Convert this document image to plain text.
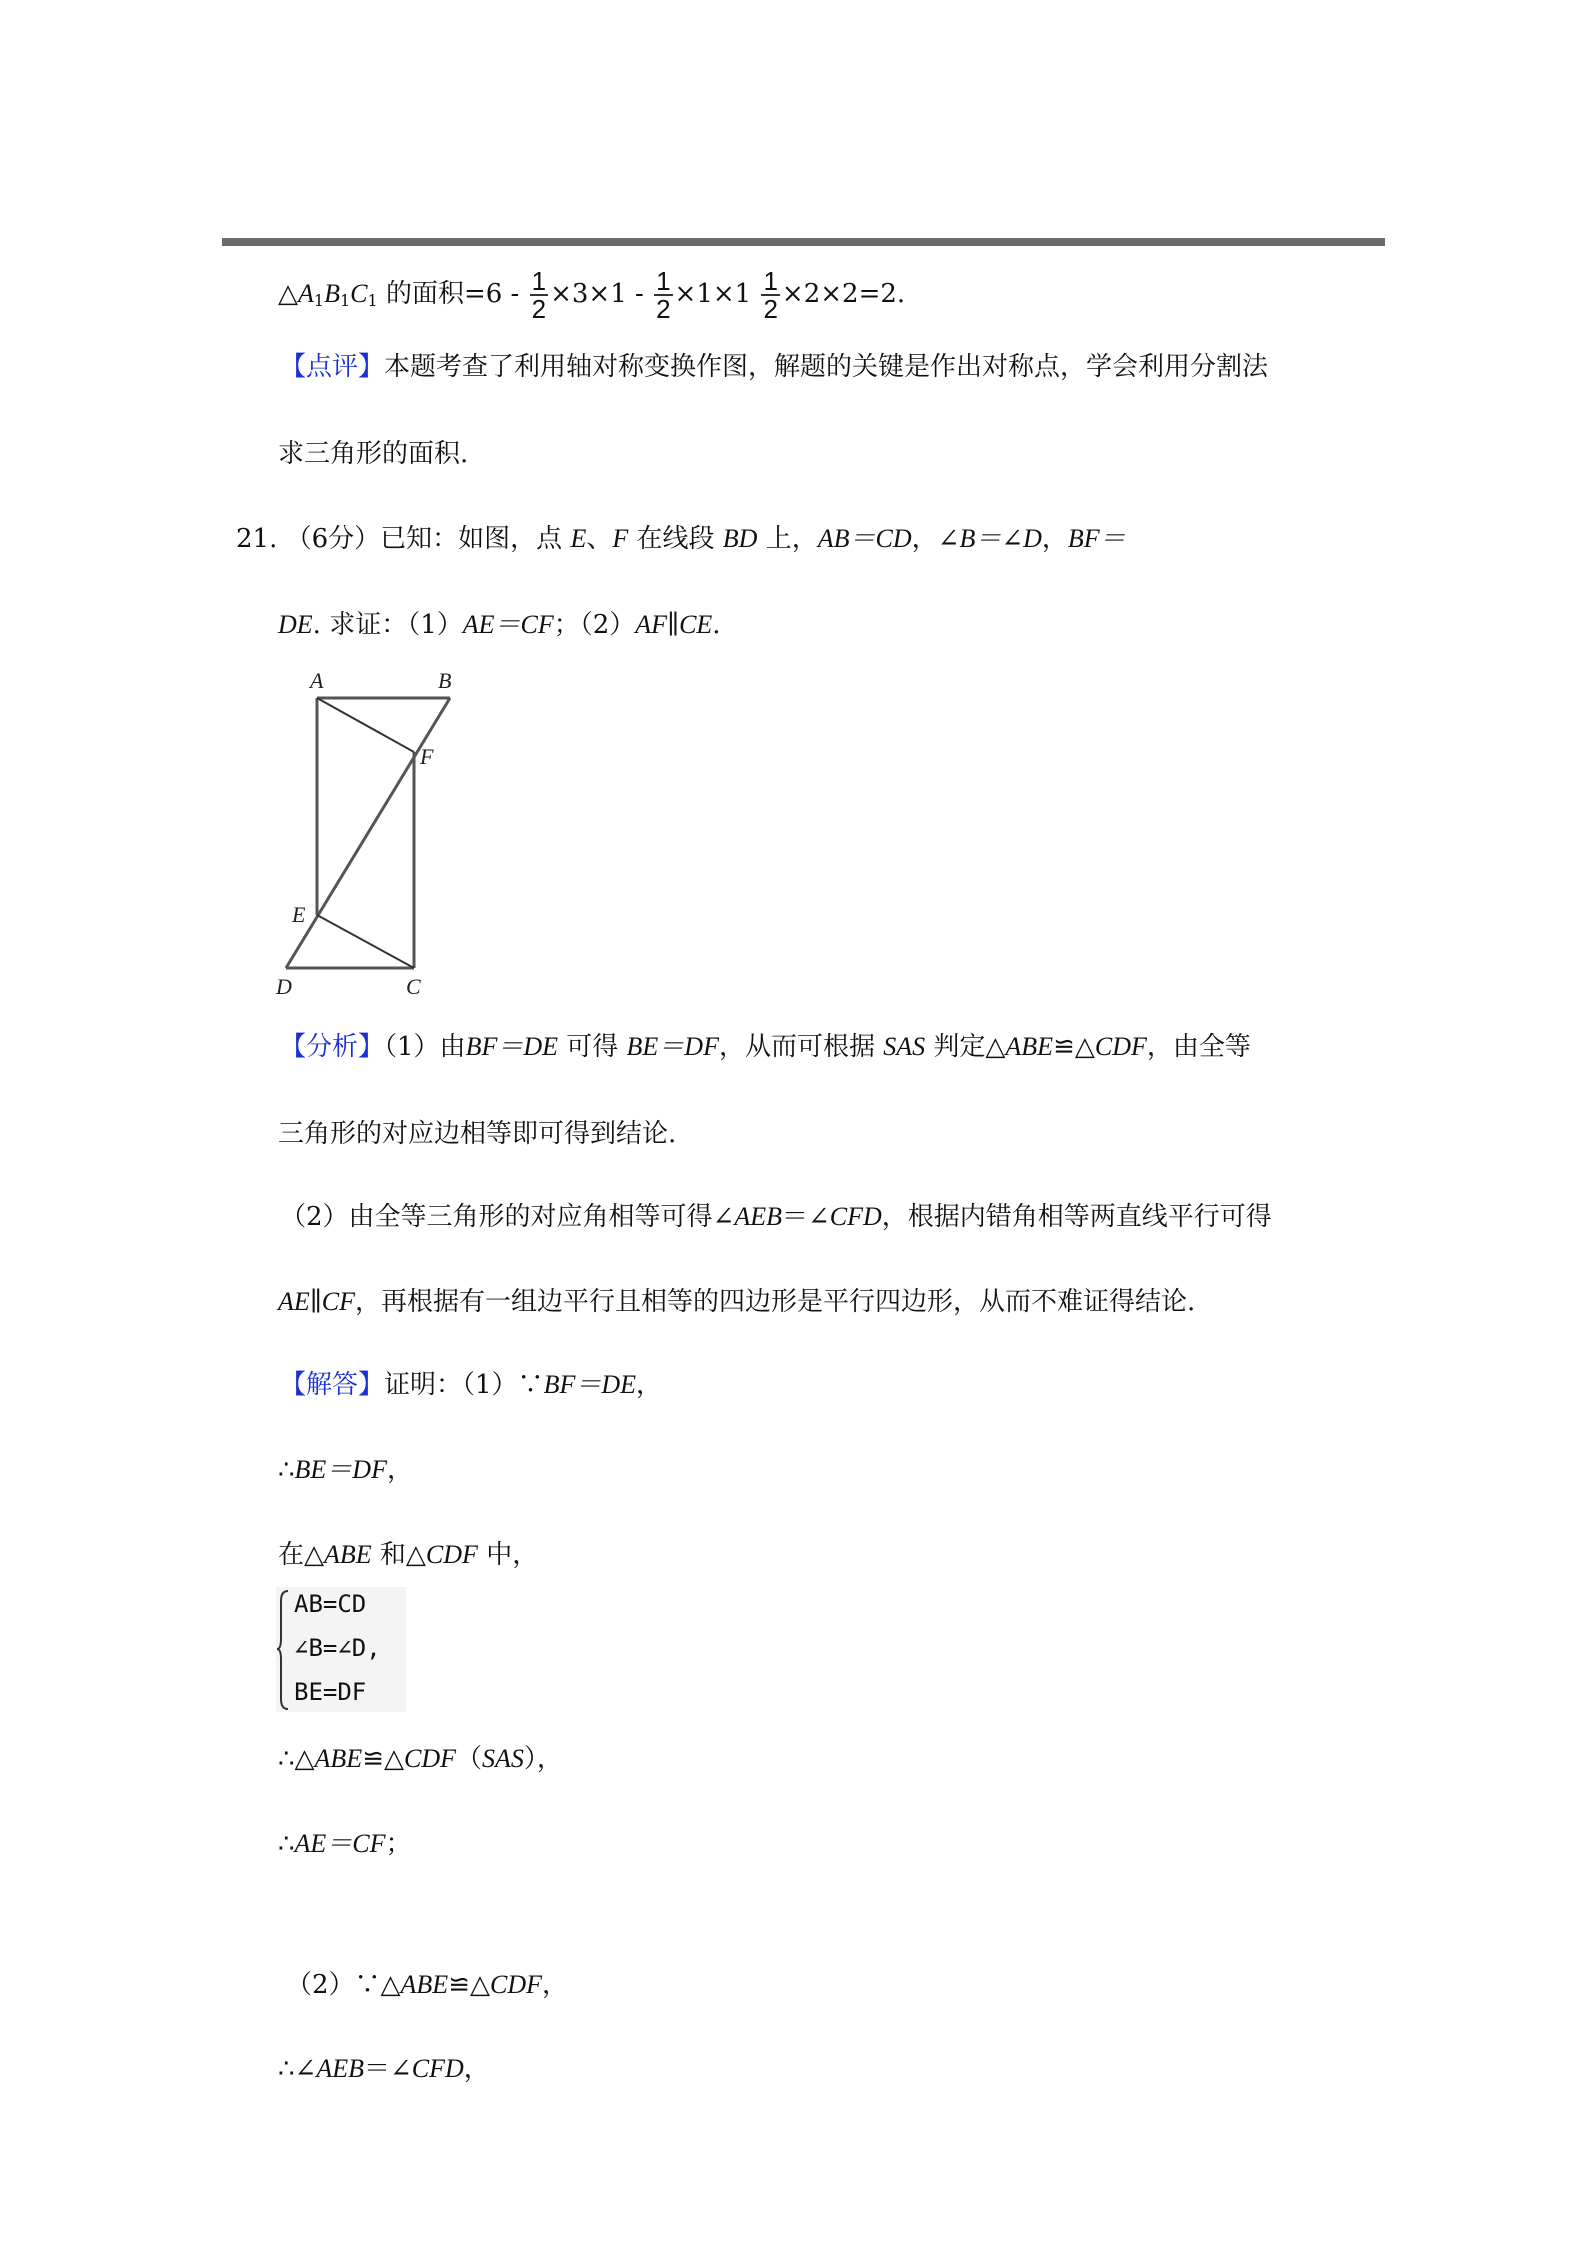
$\triangle A_1B_1C_1$ 的面积$=6 - \frac{1}{2} \times 3\times 1 - \frac{1}{2} \times 1\times 1 \frac{1}{2} \times 2\times 2=2$.
【点评】本题考查了利用轴对称变换作图，解题的关键是作出对称点，学会利用分割法
求三角形的面积.
21. （6分）已知：如图，点 E、F 在线段 BD 上，AB＝CD，∠B＝∠D，BF＝
DE. 求证：（1）AE＝CF；（2）AF∥CE.
A	B
F
E
D	C
【分析】（1）由BF＝DE 可得 BE＝DF，从而可根据 SAS 判定△ABE≌△CDF，由全等
三角形的对应边相等即可得到结论.
（2）由全等三角形的对应角相等可得∠AEB＝∠CFD，根据内错角相等两直线平行可得
AE∥CF，再根据有一组边平行且相等的四边形是平行四边形，从而不难证得结论.
【解答】证明：（1）∵BF＝DE，
∴BE＝DF，
在△ABE 和△CDF 中，
AB=CD
∠B=∠D,
BE=DF
∴△ABE≌△CDF（SAS），
∴AE＝CF；
（2）∵△ABE≌△CDF，
∴∠AEB＝∠CFD，
